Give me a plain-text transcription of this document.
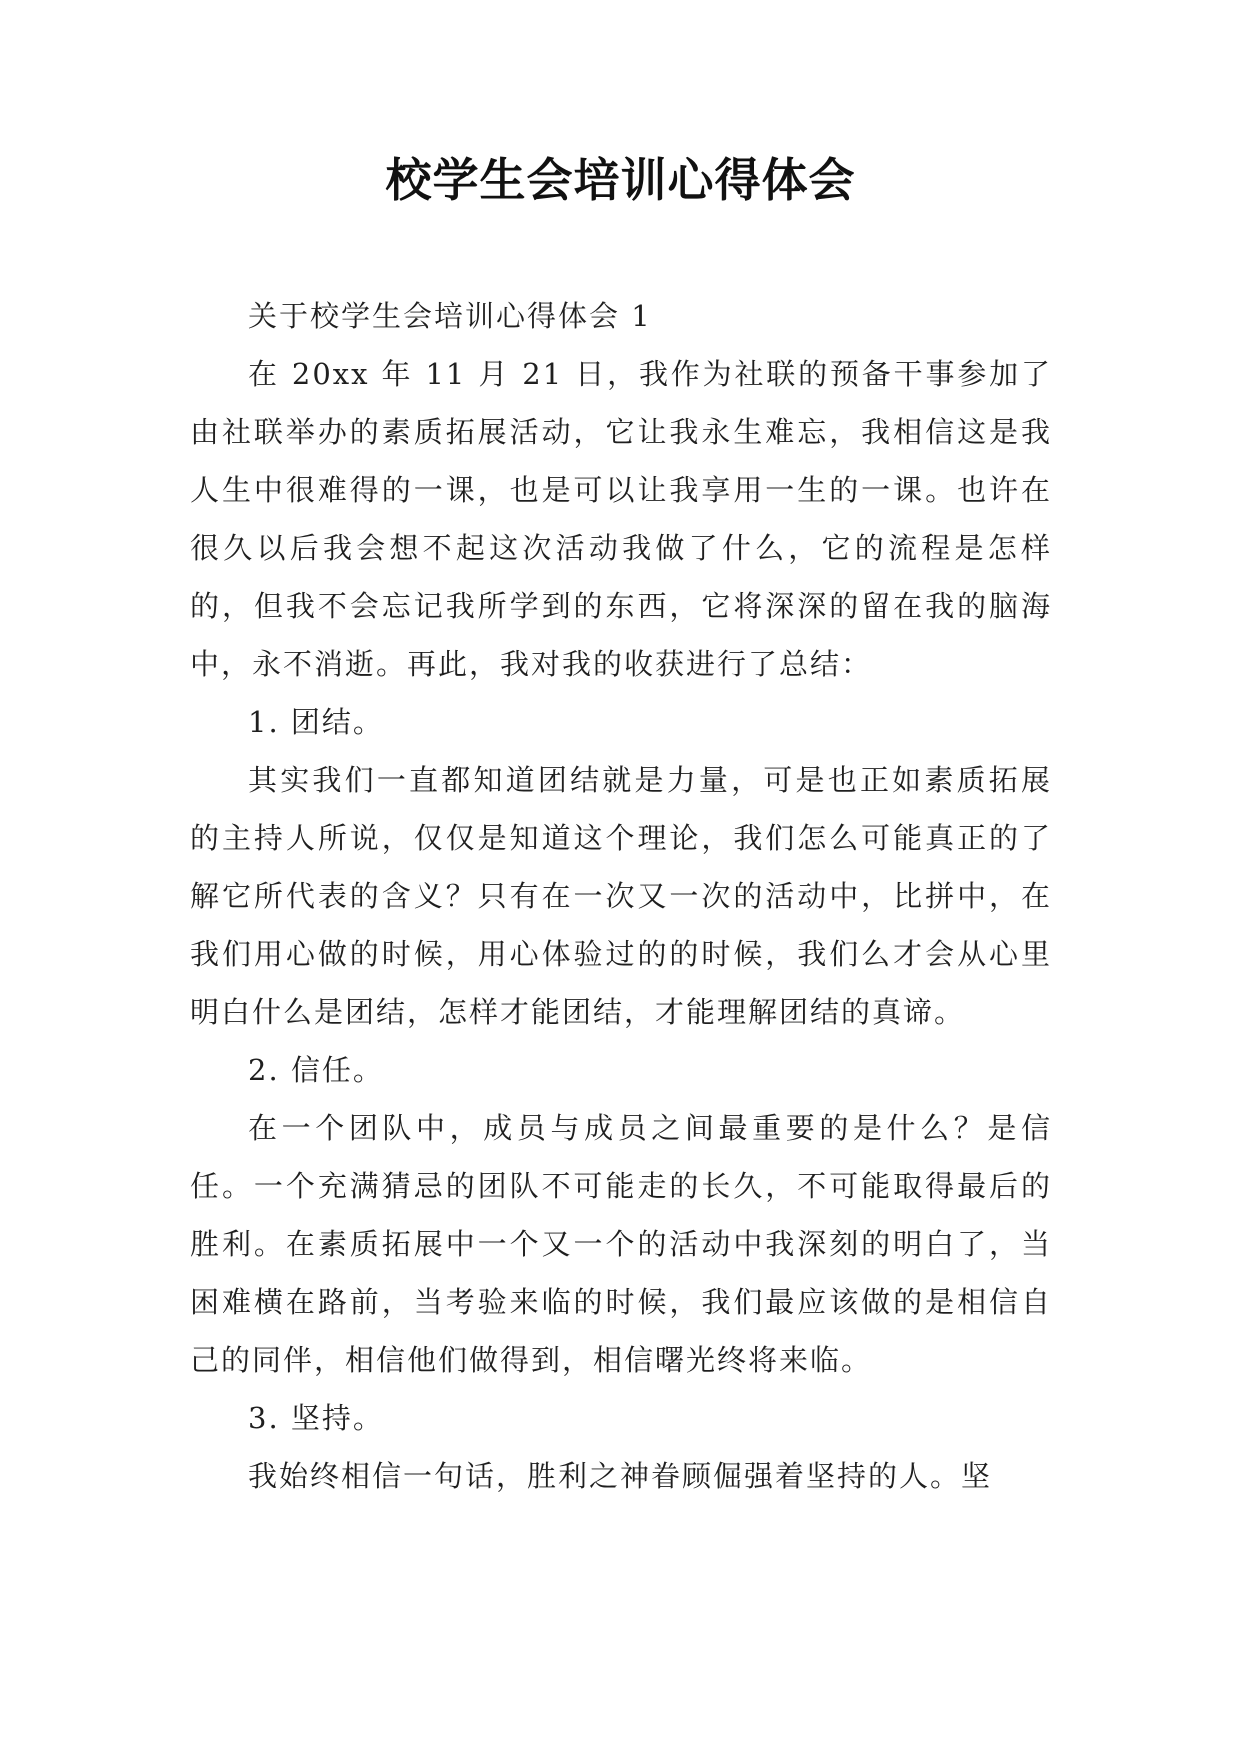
校学生会培训心得体会

关于校学生会培训心得体会 1

在 20xx 年 11 月 21 日，我作为社联的预备干事参加了由社联举办的素质拓展活动，它让我永生难忘，我相信这是我人生中很难得的一课，也是可以让我享用一生的一课。也许在很久以后我会想不起这次活动我做了什么，它的流程是怎样的，但我不会忘记我所学到的东西，它将深深的留在我的脑海中，永不消逝。再此，我对我的收获进行了总结：

1. 团结。

其实我们一直都知道团结就是力量，可是也正如素质拓展的主持人所说，仅仅是知道这个理论，我们怎么可能真正的了解它所代表的含义？只有在一次又一次的活动中，比拼中，在我们用心做的时候，用心体验过的的时候，我们么才会从心里明白什么是团结，怎样才能团结，才能理解团结的真谛。

2. 信任。

在一个团队中，成员与成员之间最重要的是什么？是信任。一个充满猜忌的团队不可能走的长久，不可能取得最后的胜利。在素质拓展中一个又一个的活动中我深刻的明白了，当困难横在路前，当考验来临的时候，我们最应该做的是相信自己的同伴，相信他们做得到，相信曙光终将来临。

3. 坚持。

我始终相信一句话，胜利之神眷顾倔强着坚持的人。坚
